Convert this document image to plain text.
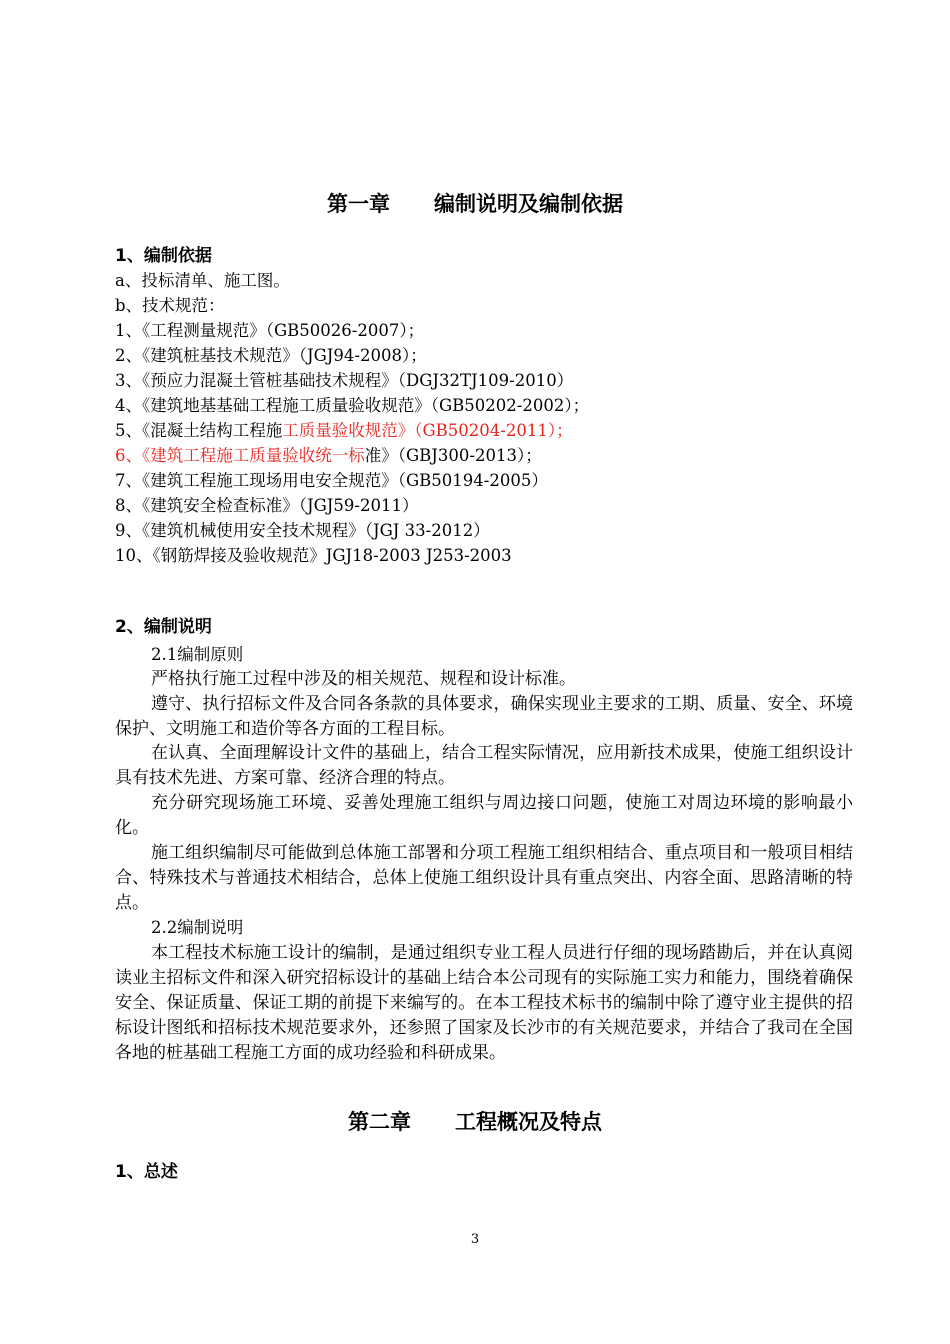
第一章 编制说明及编制依据
1、编制依据
a、投标清单、施工图。
b、技术规范：
1、《工程测量规范》（GB50026-2007）；
2、《建筑桩基技术规范》（JGJ94-2008）；
3、《预应力混凝土管桩基础技术规程》（DGJ32TJ109-2010）
4、《建筑地基基础工程施工质量验收规范》（GB50202-2002）；
5、《混凝土结构工程施工质量验收规范》（GB50204-2011）；
6、《建筑工程施工质量验收统一标准》（GBJ300-2013）；
7、《建筑工程施工现场用电安全规范》（GB50194-2005）
8、《建筑安全检查标准》（JGJ59-2011）
9、《建筑机械使用安全技术规程》（JGJ 33-2012）
10、《钢筋焊接及验收规范》JGJ18-2003 J253-2003
2、编制说明
2.1编制原则
严格执行施工过程中涉及的相关规范、规程和设计标准。
遵守、执行招标文件及合同各条款的具体要求，确保实现业主要求的工期、质量、安全、环境保护、文明施工和造价等各方面的工程目标。
在认真、全面理解设计文件的基础上，结合工程实际情况，应用新技术成果，使施工组织设计具有技术先进、方案可靠、经济合理的特点。
充分研究现场施工环境、妥善处理施工组织与周边接口问题，使施工对周边环境的影响最小化。
施工组织编制尽可能做到总体施工部署和分项工程施工组织相结合、重点项目和一般项目相结合、特殊技术与普通技术相结合，总体上使施工组织设计具有重点突出、内容全面、思路清晰的特点。
2.2编制说明
本工程技术标施工设计的编制，是通过组织专业工程人员进行仔细的现场踏勘后，并在认真阅读业主招标文件和深入研究招标设计的基础上结合本公司现有的实际施工实力和能力，围绕着确保安全、保证质量、保证工期的前提下来编写的。在本工程技术标书的编制中除了遵守业主提供的招标设计图纸和招标技术规范要求外，还参照了国家及长沙市的有关规范要求，并结合了我司在全国各地的桩基础工程施工方面的成功经验和科研成果。
第二章 工程概况及特点
1、总述
3
